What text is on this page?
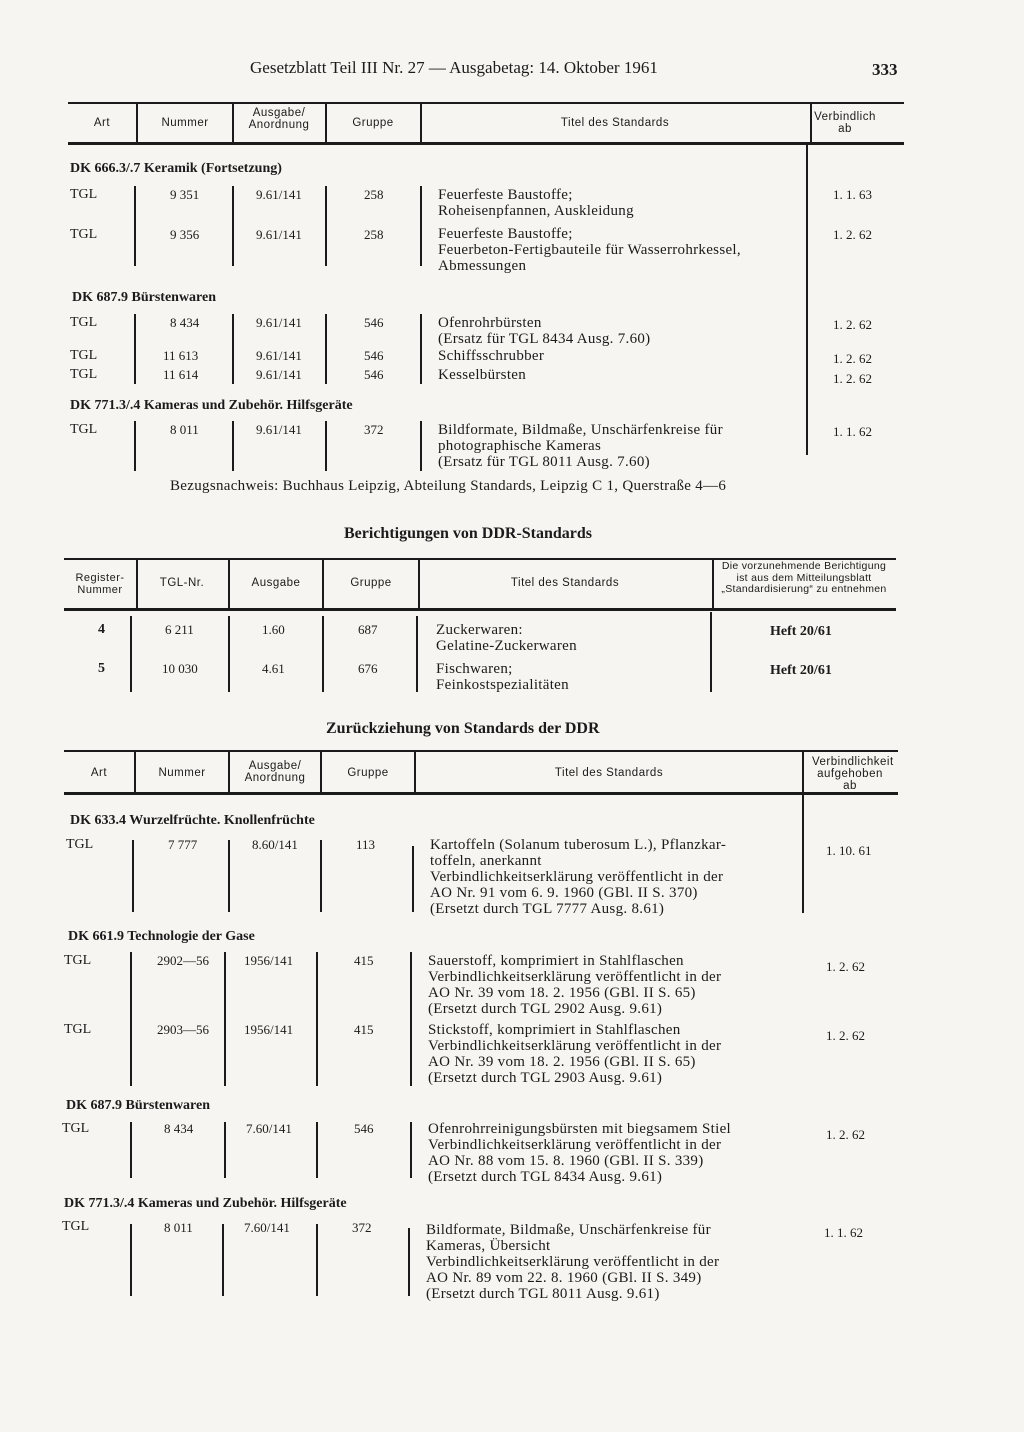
Gesetzblatt Teil III Nr. 27 — Ausgabetag: 14. Oktober 1961	333
Art	Nummer
Ausgabe/ Anordnung	Gruppe	Titel des Standards	Verbindlich ab
DK 666.3/.7 Keramik (Fortsetzung)
TGL	9 351	9.61/141	258	Feuerfeste Baustoffe;
Roheisenpfannen, Auskleidung
1. 1. 63
TGL	9 356	9.61/141	258	Feuerfeste Baustoffe;
Feuerbeton-Fertigbauteile für Wasserrohrkessel,
Abmessungen
1. 2. 62
DK 687.9 Bürstenwaren
TGL	8 434	9.61/141	546	Ofenrohrbürsten
(Ersatz für TGL 8434 Ausg. 7.60)
1. 2. 62
TGL	11 613	9.61/141	546	Schiffsschrubber	1. 2. 62
TGL	11 614	9.61/141	546	Kesselbürsten	1. 2. 62
DK 771.3/.4 Kameras und Zubehör. Hilfsgeräte
TGL	8 011	9.61/141	372	Bildformate, Bildmaße, Unschärfenkreise für
photographische Kameras
(Ersatz für TGL 8011 Ausg. 7.60)
1. 1. 62
Bezugsnachweis: Buchhaus Leipzig, Abteilung Standards, Leipzig C 1, Querstraße 4—6
Berichtigungen von DDR-Standards
Register-Nummer
TGL-Nr.	Ausgabe	Gruppe	Titel des Standards
Die vorzunehmende Berichtigung ist aus dem Mitteilungsblatt „Standardisierung“ zu entnehmen
4	6 211	1.60	687	Zuckerwaren:
Gelatine-Zuckerwaren
Heft 20/61
5	10 030	4.61	676	Fischwaren;
Feinkostspezialitäten
Heft 20/61
Zurückziehung von Standards der DDR
Art	Nummer
Ausgabe/ Anordnung	Gruppe	Titel des Standards
Verbindlichkeit aufgehoben ab
DK 633.4 Wurzelfrüchte. Knollenfrüchte
TGL	7 777	8.60/141	113	Kartoffeln (Solanum tuberosum L.), Pflanzkar-
toffeln, anerkannt
Verbindlichkeitserklärung veröffentlicht in der
AO Nr. 91 vom 6. 9. 1960 (GBl. II S. 370)
(Ersetzt durch TGL 7777 Ausg. 8.61)
1. 10. 61
DK 661.9 Technologie der Gase
TGL	2902—56	1956/141	415	Sauerstoff, komprimiert in Stahlflaschen
Verbindlichkeitserklärung veröffentlicht in der
AO Nr. 39 vom 18. 2. 1956 (GBl. II S. 65)
(Ersetzt durch TGL 2902 Ausg. 9.61)
1. 2. 62
TGL	2903—56	1956/141	415	Stickstoff, komprimiert in Stahlflaschen
Verbindlichkeitserklärung veröffentlicht in der
AO Nr. 39 vom 18. 2. 1956 (GBl. II S. 65)
(Ersetzt durch TGL 2903 Ausg. 9.61)
1. 2. 62
DK 687.9 Bürstenwaren
TGL	8 434	7.60/141	546	Ofenrohrreinigungsbürsten mit biegsamem Stiel
Verbindlichkeitserklärung veröffentlicht in der
AO Nr. 88 vom 15. 8. 1960 (GBl. II S. 339)
(Ersetzt durch TGL 8434 Ausg. 9.61)
1. 2. 62
DK 771.3/.4 Kameras und Zubehör. Hilfsgeräte
TGL	8 011	7.60/141	372	Bildformate, Bildmaße, Unschärfenkreise für
Kameras, Übersicht
Verbindlichkeitserklärung veröffentlicht in der
AO Nr. 89 vom 22. 8. 1960 (GBl. II S. 349)
(Ersetzt durch TGL 8011 Ausg. 9.61)
1. 1. 62
